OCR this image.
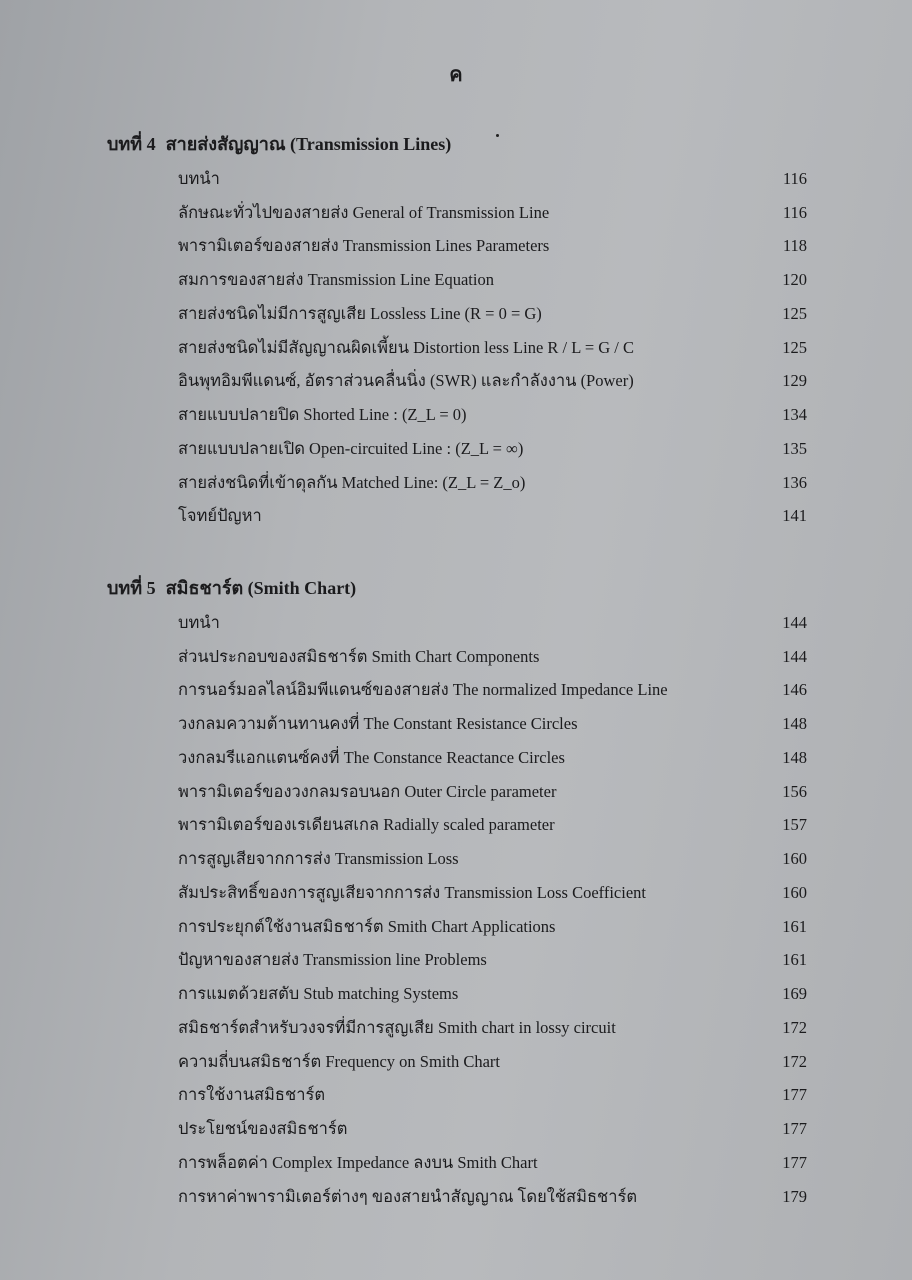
ค
บทที่ 4 สายส่งสัญญาณ (Transmission Lines)
บทนำ	116
ลักษณะทั่วไปของสายส่ง General of Transmission Line	116
พารามิเตอร์ของสายส่ง Transmission Lines Parameters	118
สมการของสายส่ง Transmission Line Equation	120
สายส่งชนิดไม่มีการสูญเสีย Lossless Line (R = 0 = G)	125
สายส่งชนิดไม่มีสัญญาณผิดเพี้ยน Distortion less Line R / L = G / C	125
อินพุทอิมพีแดนซ์, อัตราส่วนคลื่นนิ่ง (SWR) และกำลังงาน (Power)	129
สายแบบปลายปิด Shorted Line : (Z_L = 0)	134
สายแบบปลายเปิด Open-circuited Line : (Z_L = ∞)	135
สายส่งชนิดที่เข้าดุลกัน Matched Line: (Z_L = Z_o)	136
โจทย์ปัญหา	141
บทที่ 5 สมิธชาร์ต (Smith Chart)
บทนำ	144
ส่วนประกอบของสมิธชาร์ต Smith Chart Components	144
การนอร์มอลไลน์อิมพีแดนซ์ของสายส่ง The normalized Impedance Line	146
วงกลมความต้านทานคงที่ The Constant Resistance Circles	148
วงกลมรีแอกแตนซ์คงที่ The Constance Reactance Circles	148
พารามิเตอร์ของวงกลมรอบนอก Outer Circle parameter	156
พารามิเตอร์ของเรเดียนสเกล Radially scaled parameter	157
การสูญเสียจากการส่ง Transmission Loss	160
สัมประสิทธิ์ของการสูญเสียจากการส่ง Transmission Loss Coefficient	160
การประยุกต์ใช้งานสมิธชาร์ต Smith Chart Applications	161
ปัญหาของสายส่ง Transmission line Problems	161
การแมตด้วยสตับ Stub matching Systems	169
สมิธชาร์ตสำหรับวงจรที่มีการสูญเสีย Smith chart in lossy circuit	172
ความถี่บนสมิธชาร์ต Frequency on Smith Chart	172
การใช้งานสมิธชาร์ต	177
ประโยชน์ของสมิธชาร์ต	177
การพล็อตค่า Complex Impedance ลงบน Smith Chart	177
การหาค่าพารามิเตอร์ต่างๆ ของสายนำสัญญาณ โดยใช้สมิธชาร์ต	179
